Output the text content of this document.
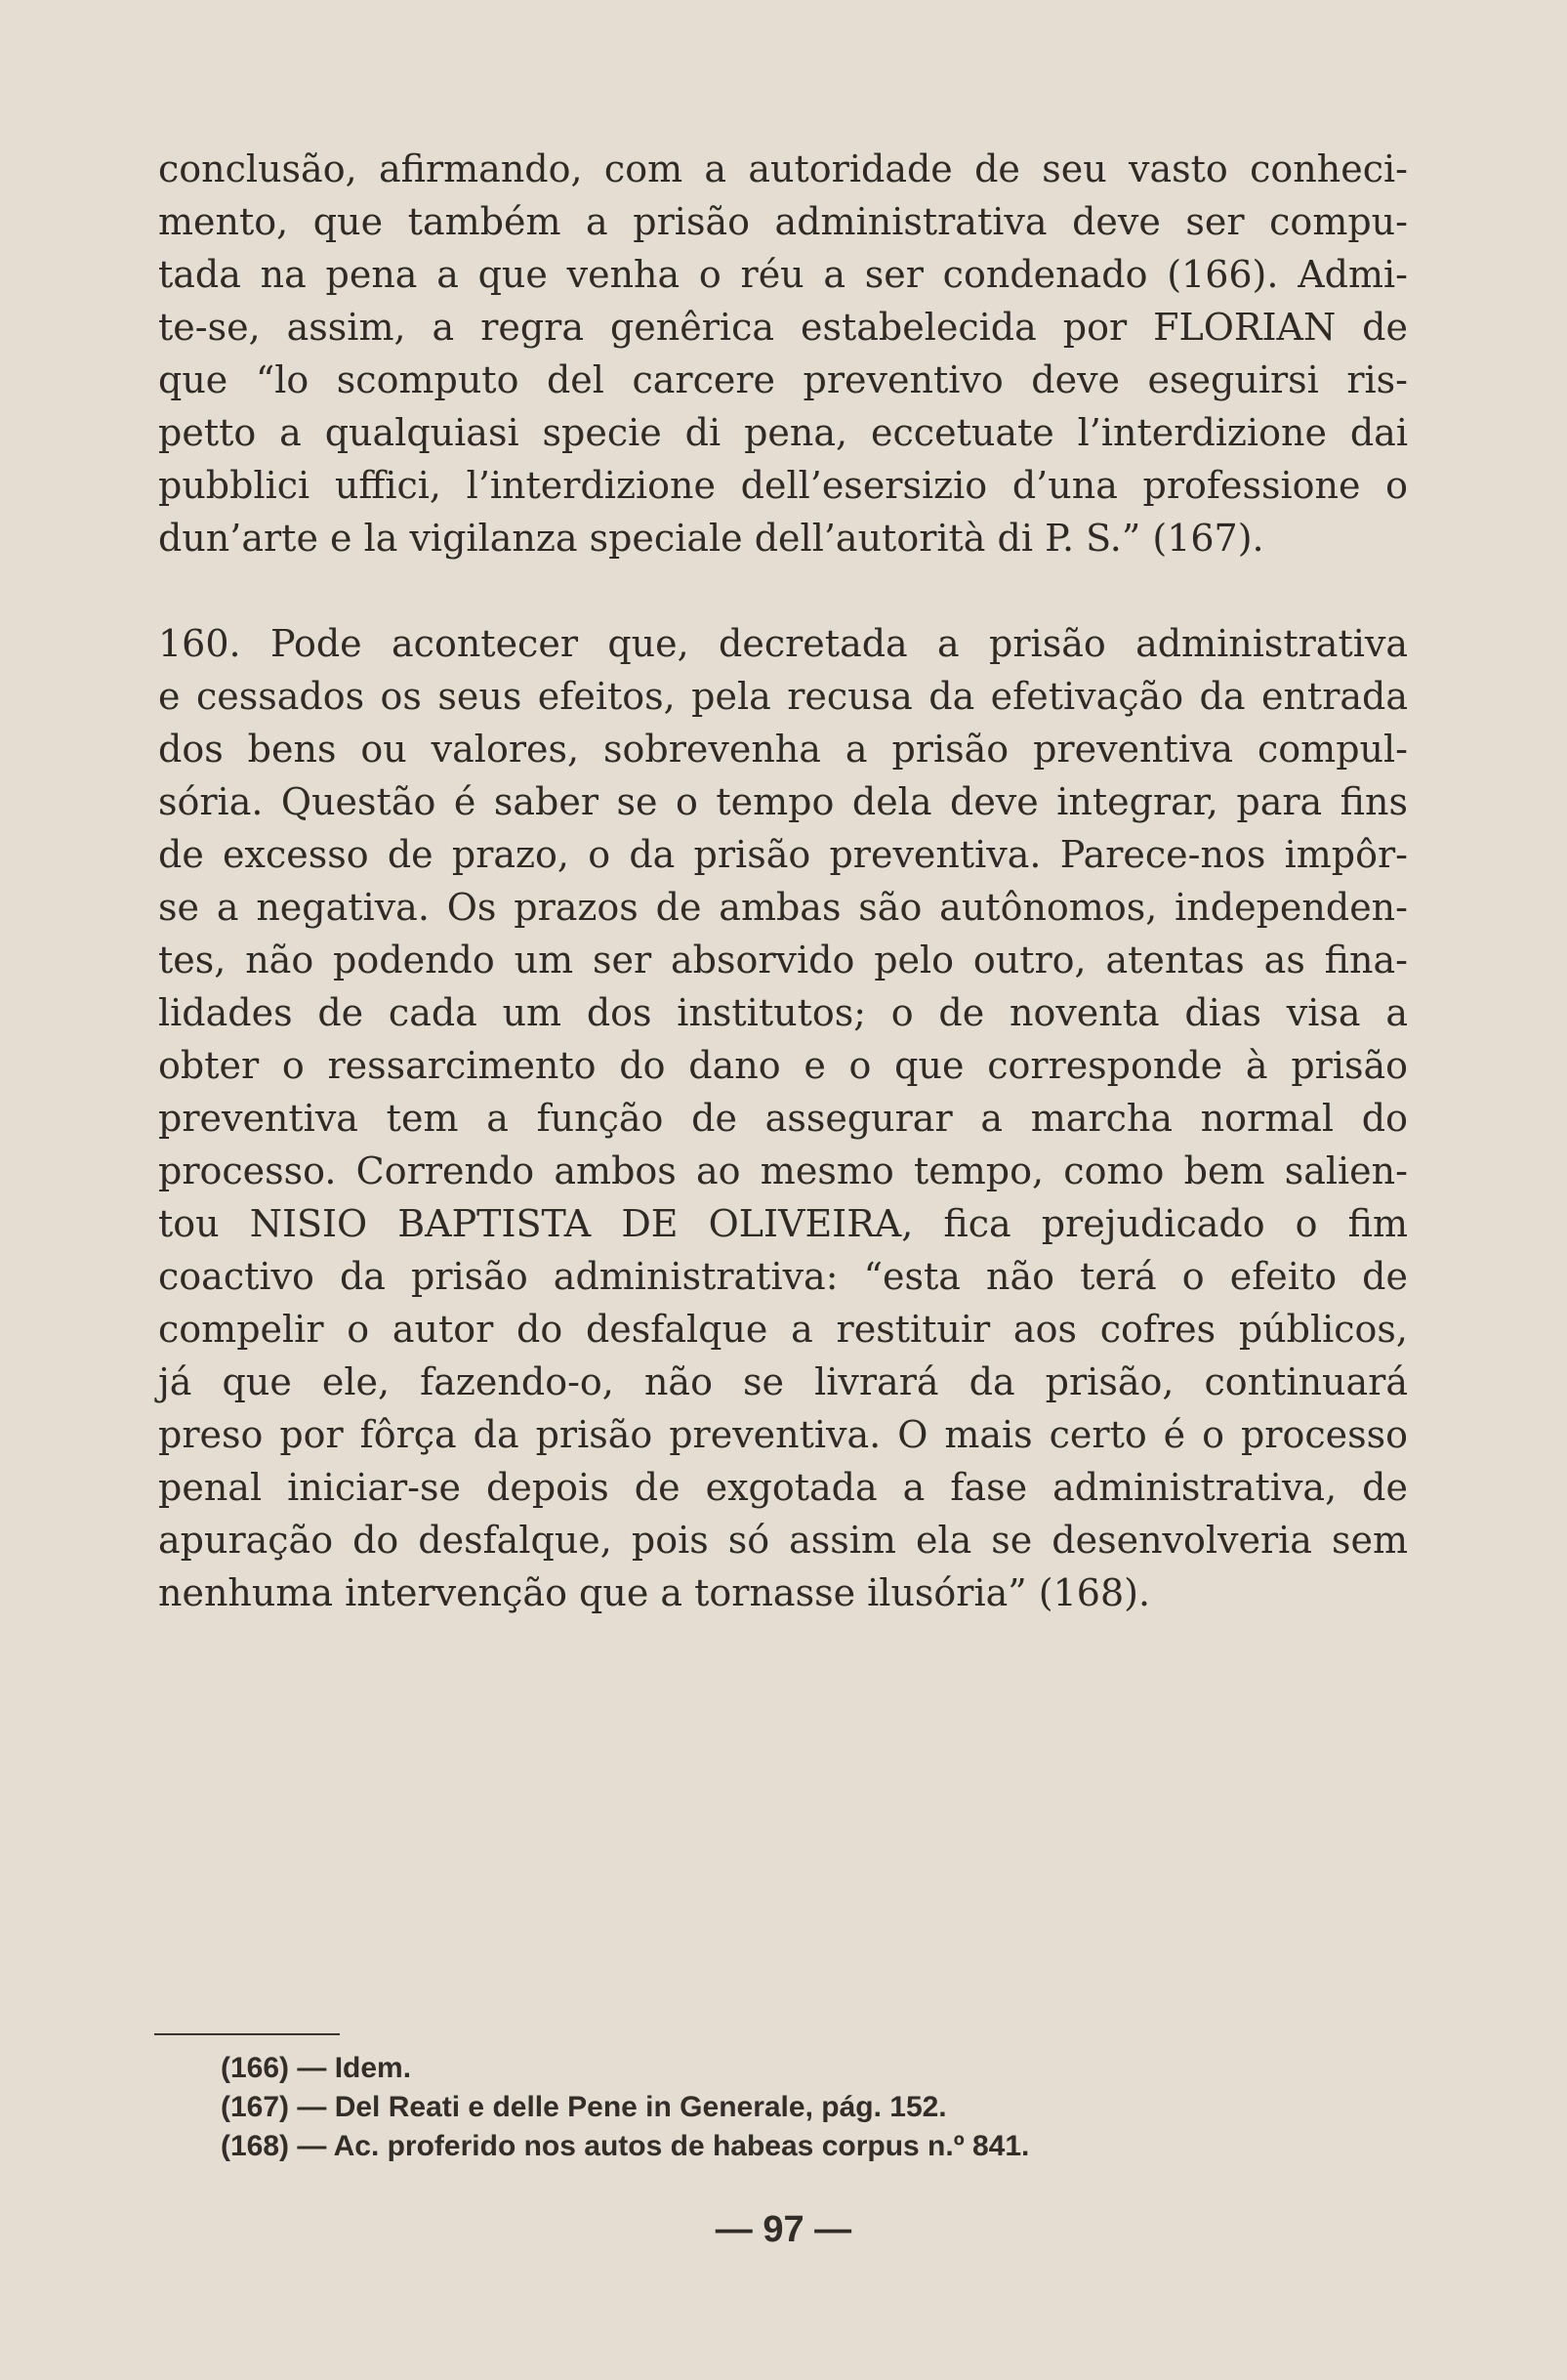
conclusão, afirmando, com a autoridade de seu vasto conheci-
mento, que também a prisão administrativa deve ser compu-
tada na pena a que venha o réu a ser condenado (166). Admi-
te-se, assim, a regra genêrica estabelecida por FLORIAN de
que “lo scomputo del carcere preventivo deve eseguirsi ris-
petto a qualquiasi specie di pena, eccetuate l’interdizione dai
pubblici uffici, l’interdizione dell’esersizio d’una professione o
dun’arte e la vigilanza speciale dell’autorità di P. S.” (167).
160. Pode acontecer que, decretada a prisão administrativa
e cessados os seus efeitos, pela recusa da efetivação da entrada
dos bens ou valores, sobrevenha a prisão preventiva compul-
sória. Questão é saber se o tempo dela deve integrar, para fins
de excesso de prazo, o da prisão preventiva. Parece-nos impôr-
se a negativa. Os prazos de ambas são autônomos, independen-
tes, não podendo um ser absorvido pelo outro, atentas as fina-
lidades de cada um dos institutos; o de noventa dias visa a
obter o ressarcimento do dano e o que corresponde à prisão
preventiva tem a função de assegurar a marcha normal do
processo. Correndo ambos ao mesmo tempo, como bem salien-
tou NISIO BAPTISTA DE OLIVEIRA, fica prejudicado o fim
coactivo da prisão administrativa: “esta não terá o efeito de
compelir o autor do desfalque a restituir aos cofres públicos,
já que ele, fazendo-o, não se livrará da prisão, continuará
preso por fôrça da prisão preventiva. O mais certo é o processo
penal iniciar-se depois de exgotada a fase administrativa, de
apuração do desfalque, pois só assim ela se desenvolveria sem
nenhuma intervenção que a tornasse ilusória” (168).
(166) — Idem.
(167) — Del Reati e delle Pene in Generale, pág. 152.
(168) — Ac. proferido nos autos de habeas corpus n.º 841.
— 97 —
